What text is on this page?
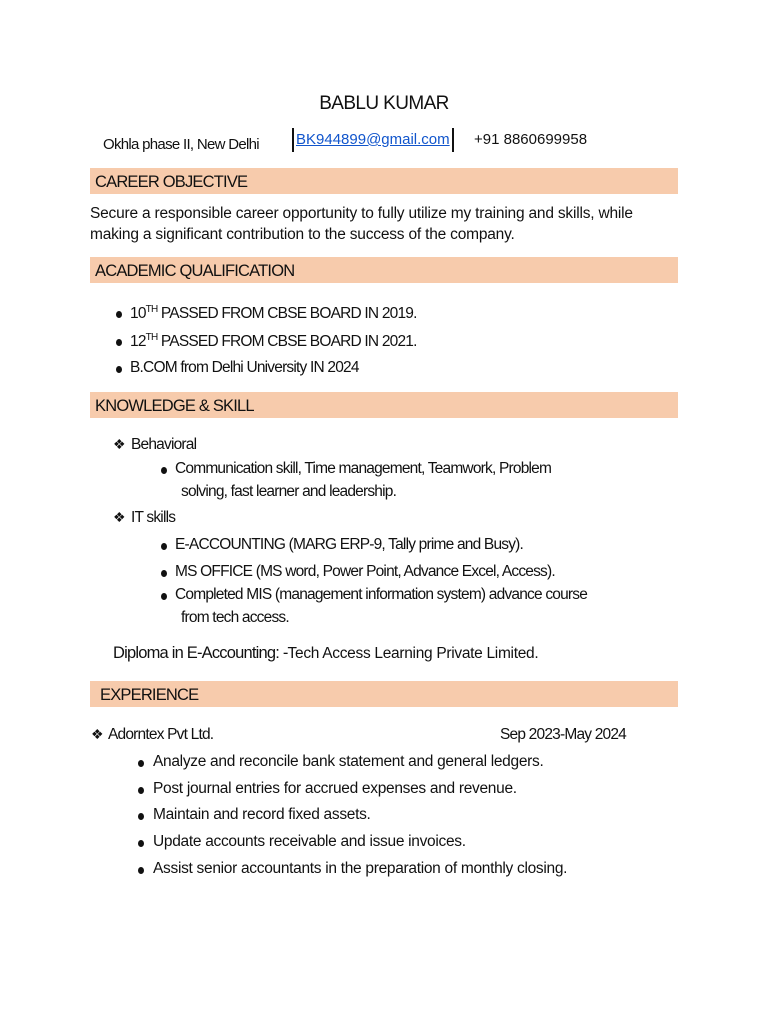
BABLU KUMAR
Okhla phase II, New Delhi BK944899@gmail.com +91 8860699958
CAREER OBJECTIVE
Secure a responsible career opportunity to fully utilize my training and skills, while
making a significant contribution to the success of the company.
ACADEMIC QUALIFICATION
10TH PASSED FROM CBSE BOARD IN 2019.
12TH PASSED FROM CBSE BOARD IN 2021.
B.COM from Delhi University IN 2024
KNOWLEDGE & SKILL
❖ Behavioral
Communication skill, Time management, Teamwork, Problem
solving, fast learner and leadership.
❖ IT skills
E-ACCOUNTING (MARG ERP-9, Tally prime and Busy).
MS OFFICE (MS word, Power Point, Advance Excel, Access).
Completed MIS (management information system) advance course
from tech access.
Diploma in E-Accounting: -Tech Access Learning Private Limited.
EXPERIENCE
❖ Adorntex Pvt Ltd.	Sep 2023-May 2024
Analyze and reconcile bank statement and general ledgers.
Post journal entries for accrued expenses and revenue.
Maintain and record fixed assets.
Update accounts receivable and issue invoices.
Assist senior accountants in the preparation of monthly closing.
